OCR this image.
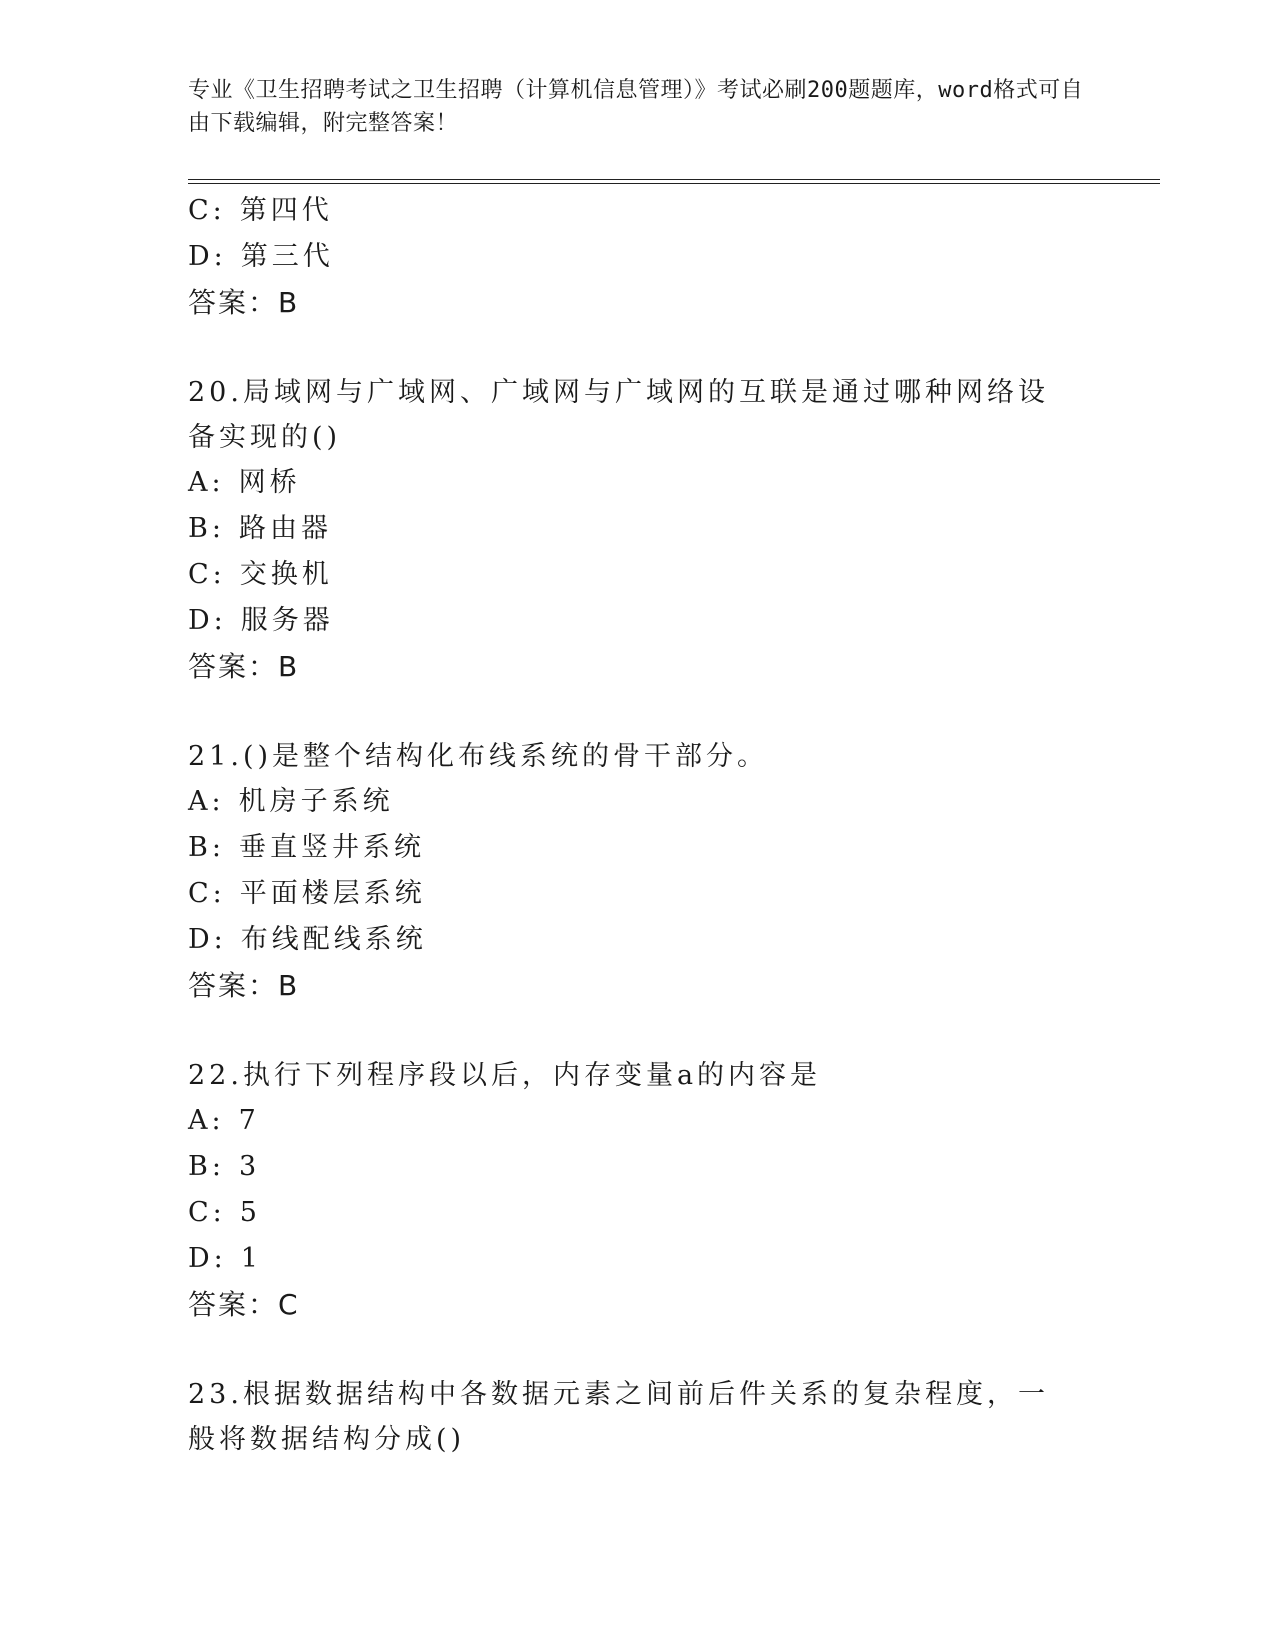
专业《卫生招聘考试之卫生招聘（计算机信息管理）》考试必刷200题题库，word格式可自由下载编辑，附完整答案！
C: 第四代
D: 第三代
答案：B
20.局域网与广域网、广域网与广域网的互联是通过哪种网络设备实现的()
A: 网桥
B: 路由器
C: 交换机
D: 服务器
答案：B
21.()是整个结构化布线系统的骨干部分。
A: 机房子系统
B: 垂直竖井系统
C: 平面楼层系统
D: 布线配线系统
答案：B
22.执行下列程序段以后，内存变量a的内容是
A: 7
B: 3
C: 5
D: 1
答案：C
23.根据数据结构中各数据元素之间前后件关系的复杂程度，一般将数据结构分成()
